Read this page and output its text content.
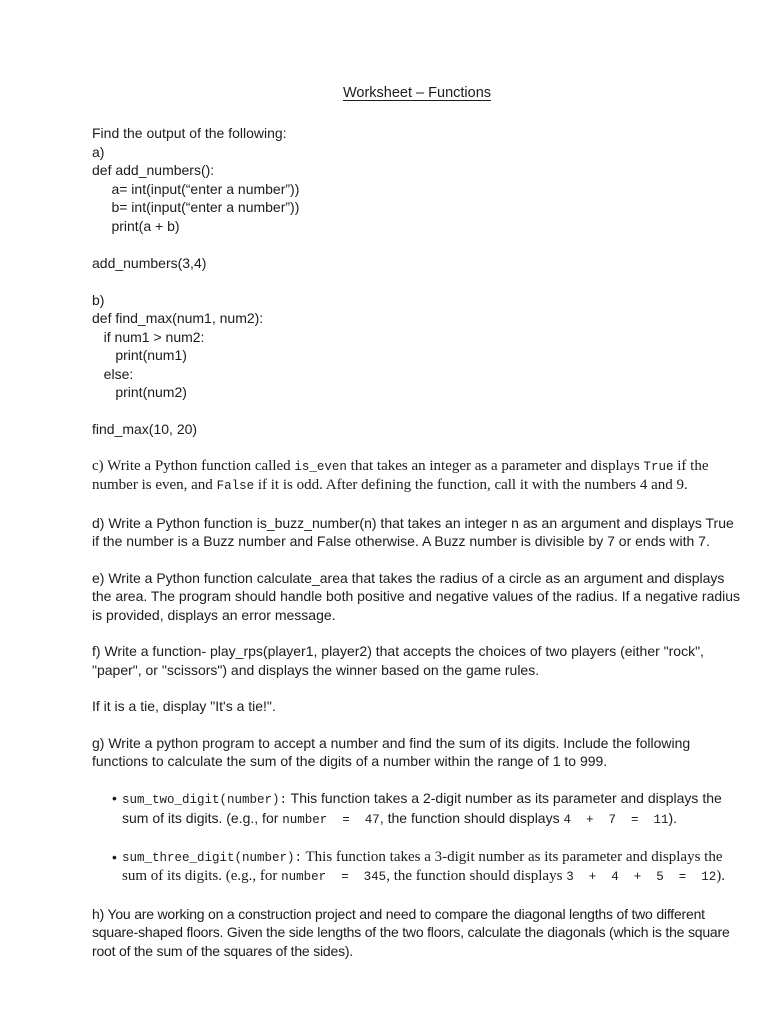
Worksheet – Functions

Find the output of the following:

a)
def add_numbers():
a= int(input(“enter a number”))
b= int(input(“enter a number”))
print(a + b)
add_numbers(3,4)
b)
def find_max(num1, num2):
if num1 > num2:
print(num1)
else:
print(num2)
find_max(10, 20)

c) Write a Python function called is_even that takes an integer as a parameter and displays True if the number is even, and False if it is odd. After defining the function, call it with the numbers 4 and 9.

d) Write a Python function is_buzz_number(n) that takes an integer n as an argument and displays True if the number is a Buzz number and False otherwise. A Buzz number is divisible by 7 or ends with 7.

e) Write a Python function calculate_area that takes the radius of a circle as an argument and displays the area. The program should handle both positive and negative values of the radius. If a negative radius is provided, displays an error message.

f) Write a function- play_rps(player1, player2) that accepts the choices of two players (either "rock", "paper", or "scissors") and displays the winner based on the game rules.

If it is a tie, display "It's a tie!".

g) Write a python program to accept a number and find the sum of its digits. Include the following functions to calculate the sum of the digits of a number within the range of 1 to 999.

• sum_two_digit(number): This function takes a 2-digit number as its parameter and displays the sum of its digits. (e.g., for number  =  47, the function should displays 4  +  7  =  11).
• sum_three_digit(number): This function takes a 3-digit number as its parameter and displays the sum of its digits. (e.g., for number  =  345, the function should displays 3  +  4  +  5  =  12).

h) You are working on a construction project and need to compare the diagonal lengths of two different square-shaped floors. Given the side lengths of the two floors, calculate the diagonals (which is the square root of the sum of the squares of the sides).
